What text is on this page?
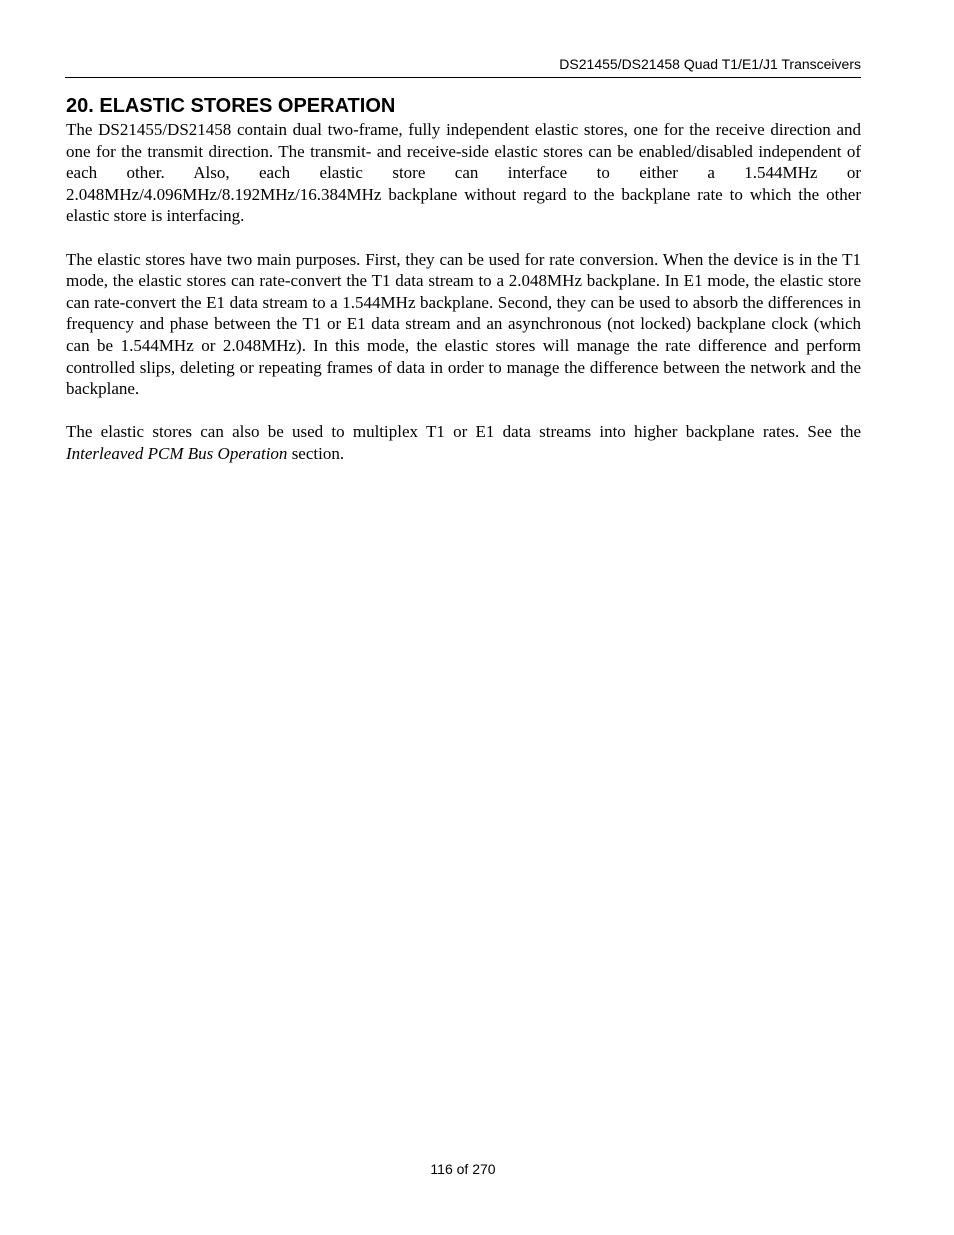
DS21455/DS21458 Quad T1/E1/J1 Transceivers
20. ELASTIC STORES OPERATION

The DS21455/DS21458 contain dual two-frame, fully independent elastic stores, one for the receive direction and one for the transmit direction. The transmit- and receive-side elastic stores can be enabled/disabled independent of each other. Also, each elastic store can interface to either a 1.544MHz or 2.048MHz/4.096MHz/8.192MHz/16.384MHz backplane without regard to the backplane rate to which the other elastic store is interfacing.

The elastic stores have two main purposes. First, they can be used for rate conversion. When the device is in the T1 mode, the elastic stores can rate-convert the T1 data stream to a 2.048MHz backplane. In E1 mode, the elastic store can rate-convert the E1 data stream to a 1.544MHz backplane. Second, they can be used to absorb the differences in frequency and phase between the T1 or E1 data stream and an asynchronous (not locked) backplane clock (which can be 1.544MHz or 2.048MHz). In this mode, the elastic stores will manage the rate difference and perform controlled slips, deleting or repeating frames of data in order to manage the difference between the network and the backplane.

The elastic stores can also be used to multiplex T1 or E1 data streams into higher backplane rates. See the Interleaved PCM Bus Operation section.

116 of 270
